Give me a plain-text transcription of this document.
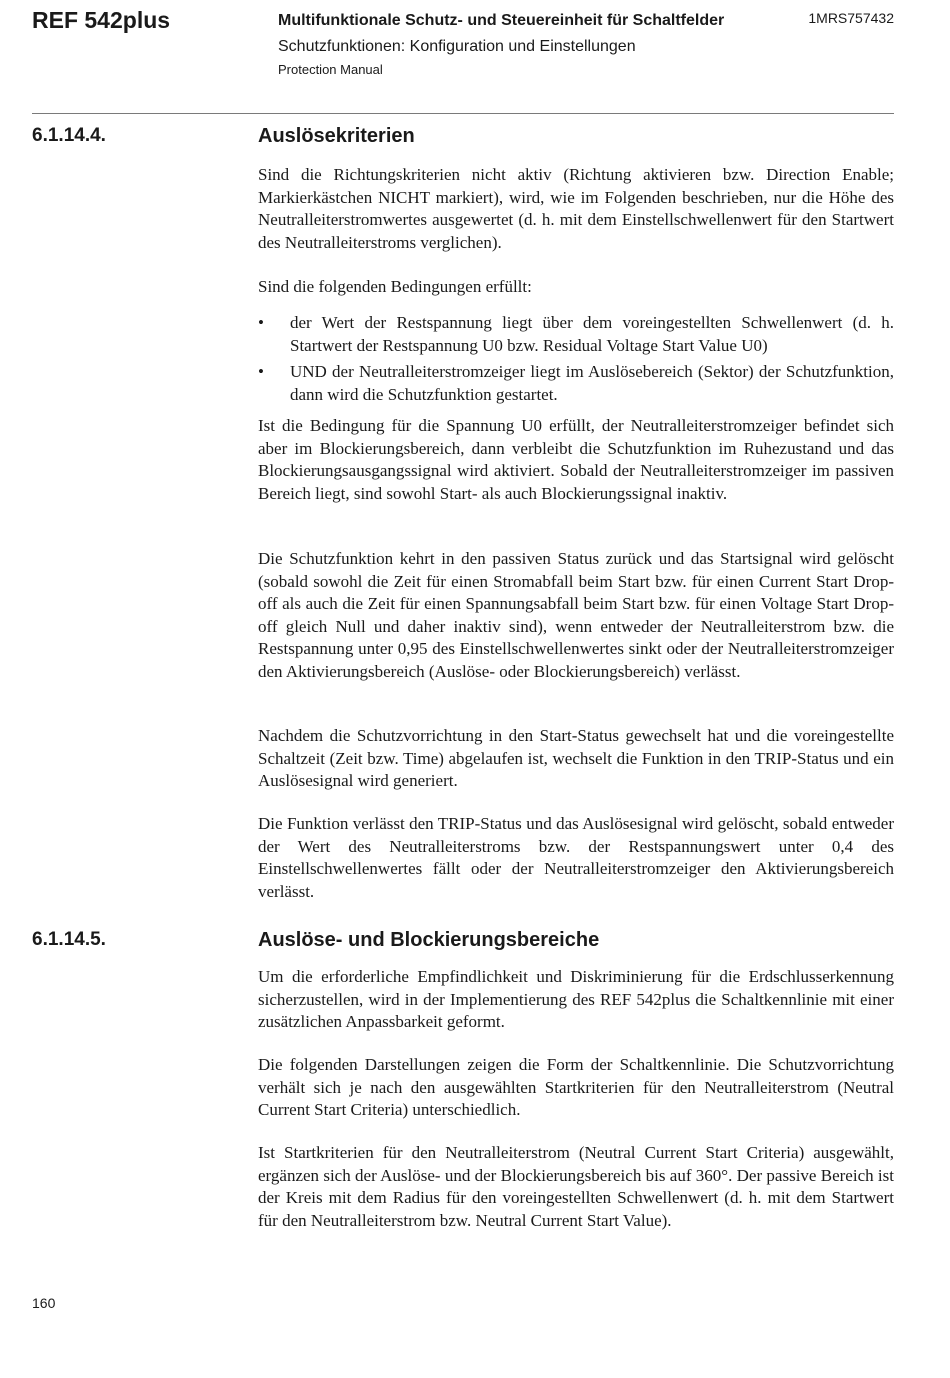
REF 542plus	Multifunktionale Schutz- und Steuereinheit für Schaltfelder
Schutzfunktionen: Konfiguration und Einstellungen
Protection Manual
1MRS757432
6.1.14.4.	Auslösekriterien

Sind die Richtungskriterien nicht aktiv (Richtung aktivieren bzw. Direction Enable; Markierkästchen NICHT markiert), wird, wie im Folgenden beschrieben, nur die Höhe des Neutralleiterstromwertes ausgewertet (d. h. mit dem Einstellschwellenwert für den Startwert des Neutralleiterstroms verglichen).

Sind die folgenden Bedingungen erfüllt:

• der Wert der Restspannung liegt über dem voreingestellten Schwellenwert (d. h. Startwert der Restspannung U0 bzw. Residual Voltage Start Value U0)
• UND der Neutralleiterstromzeiger liegt im Auslösebereich (Sektor) der Schutzfunktion, dann wird die Schutzfunktion gestartet.

Ist die Bedingung für die Spannung U0 erfüllt, der Neutralleiterstromzeiger befindet sich aber im Blockierungsbereich, dann verbleibt die Schutzfunktion im Ruhezustand und das Blockierungsausgangssignal wird aktiviert. Sobald der Neutralleiterstromzeiger im passiven Bereich liegt, sind sowohl Start- als auch Blockierungssignal inaktiv.

Die Schutzfunktion kehrt in den passiven Status zurück und das Startsignal wird gelöscht (sobald sowohl die Zeit für einen Stromabfall beim Start bzw. für einen Current Start Drop-off als auch die Zeit für einen Spannungsabfall beim Start bzw. für einen Voltage Start Drop-off gleich Null und daher inaktiv sind), wenn entweder der Neutralleiterstrom bzw. die Restspannung unter 0,95 des Einstellschwellenwertes sinkt oder der Neutralleiterstromzeiger den Aktivierungsbereich (Auslöse- oder Blockierungsbereich) verlässt.

Nachdem die Schutzvorrichtung in den Start-Status gewechselt hat und die voreingestellte Schaltzeit (Zeit bzw. Time) abgelaufen ist, wechselt die Funktion in den TRIP-Status und ein Auslösesignal wird generiert.

Die Funktion verlässt den TRIP-Status und das Auslösesignal wird gelöscht, sobald entweder der Wert des Neutralleiterstroms bzw. der Restspannungswert unter 0,4 des Einstellschwellenwertes fällt oder der Neutralleiterstromzeiger den Aktivierungsbereich verlässt.

6.1.14.5.	Auslöse- und Blockierungsbereiche

Um die erforderliche Empfindlichkeit und Diskriminierung für die Erdschlusserkennung sicherzustellen, wird in der Implementierung des REF 542plus die Schaltkennlinie mit einer zusätzlichen Anpassbarkeit geformt.

Die folgenden Darstellungen zeigen die Form der Schaltkennlinie. Die Schutzvorrichtung verhält sich je nach den ausgewählten Startkriterien für den Neutralleiterstrom (Neutral Current Start Criteria) unterschiedlich.

Ist Startkriterien für den Neutralleiterstrom (Neutral Current Start Criteria) ausgewählt, ergänzen sich der Auslöse- und der Blockierungsbereich bis auf 360°. Der passive Bereich ist der Kreis mit dem Radius für den voreingestellten Schwellenwert (d. h. mit dem Startwert für den Neutralleiterstrom bzw. Neutral Current Start Value).

160
